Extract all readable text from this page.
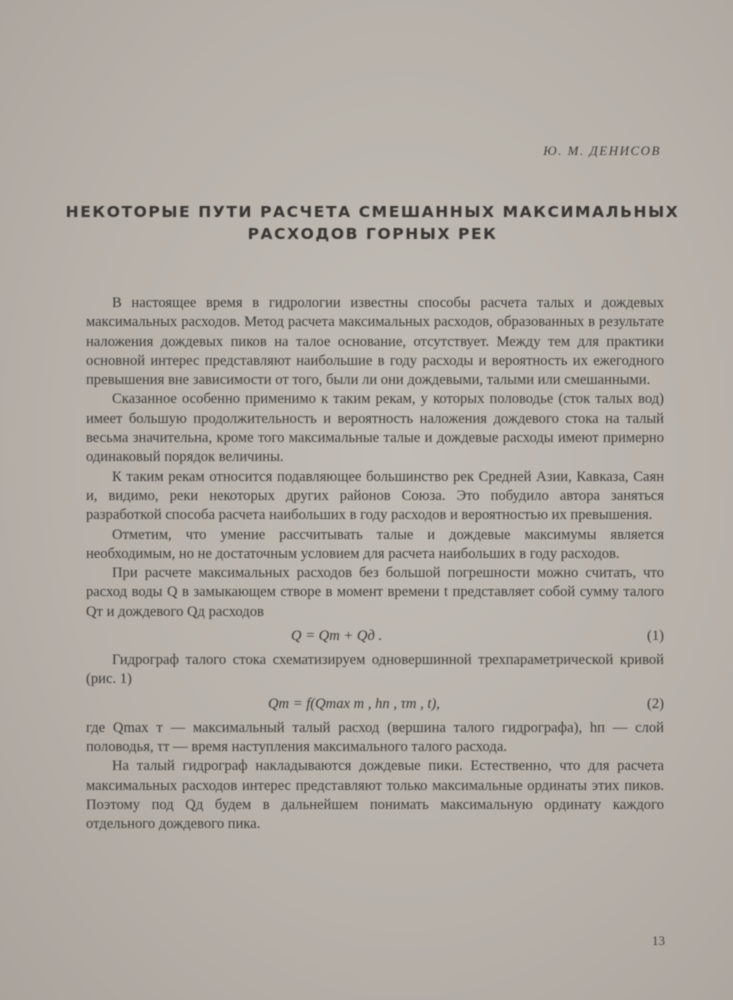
Ю. М. ДЕНИСОВ
НЕКОТОРЫЕ ПУТИ РАСЧЕТА СМЕШАННЫХ МАКСИМАЛЬНЫХ
РАСХОДОВ ГОРНЫХ РЕК

В настоящее время в гидрологии известны способы расчета талых и дождевых максимальных расходов. Метод расчета максимальных расходов, образованных в результате наложения дождевых пиков на талое основание, отсутствует. Между тем для практики основной интерес представляют наибольшие в году расходы и вероятность их ежегодного превышения вне зависимости от того, были ли они дождевыми, талыми или смешанными.

Сказанное особенно применимо к таким рекам, у которых половодье (сток талых вод) имеет большую продолжительность и вероятность наложения дождевого стока на талый весьма значительна, кроме того максимальные талые и дождевые расходы имеют примерно одинаковый порядок величины.

К таким рекам относится подавляющее большинство рек Средней Азии, Кавказа, Саян и, видимо, реки некоторых других районов Союза. Это побудило автора заняться разработкой способа расчета наибольших в году расходов и вероятностью их превышения.

Отметим, что умение рассчитывать талые и дождевые максимумы является необходимым, но не достаточным условием для расчета наибольших в году расходов.

При расчете максимальных расходов без большой погрешности можно считать, что расход воды Q в замыкающем створе в момент времени t представляет собой сумму талого Qт и дождевого Qд расходов

Q = Qт + Qд .	(1)

Гидрограф талого стока схематизируем одновершинной трехпараметрической кривой (рис. 1)

Qт = f(Qmax т , hп , τт , t),	(2)

где Qmax т — максимальный талый расход (вершина талого гидрографа), hп — слой половодья, τт — время наступления максимального талого расхода.

На талый гидрограф накладываются дождевые пики. Естественно, что для расчета максимальных расходов интерес представляют только максимальные ординаты этих пиков. Поэтому под Qд будем в дальнейшем понимать максимальную ординату каждого отдельного дождевого пика.

13
